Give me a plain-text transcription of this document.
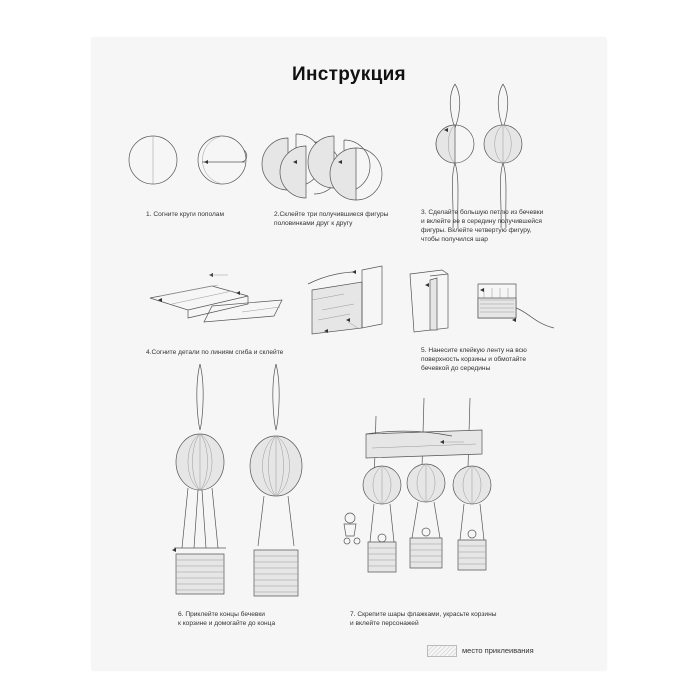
Инструкция
1. Согните круги пополам	2.Склейте три получившиеся фигуры
половинками друг к другу
3. Сделайте большую петлю из бечевки
и вклейте ее в середину получившейся
фигуры. Вклейте четвертую фигуру,
чтобы получился шар
4.Согните детали по линиям сгиба и склейте	5. Нанесите клейкую ленту на всю
поверхность корзины и обмотайте
бечевкой до середины
6. Приклейте концы бечевки
к корзине и домогайте до конца
7. Скрепите шары флажками, украсьте корзины
и вклейте персонажей
место приклеивания
